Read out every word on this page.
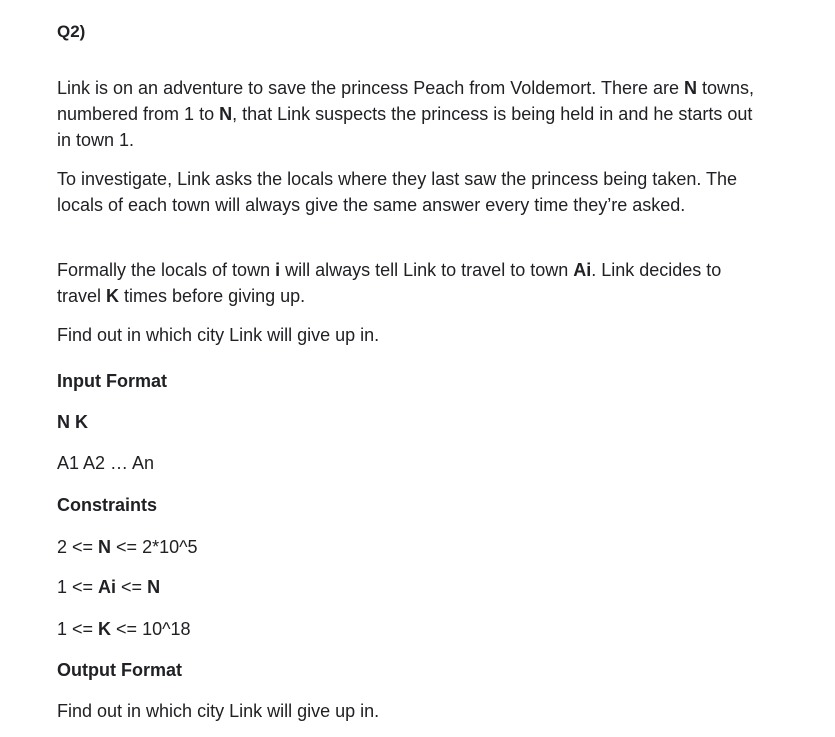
Q2)

Link is on an adventure to save the princess Peach from Voldemort. There are N towns, numbered from 1 to N, that Link suspects the princess is being held in and he starts out in town 1.

To investigate, Link asks the locals where they last saw the princess being taken. The locals of each town will always give the same answer every time they’re asked.

Formally the locals of town i will always tell Link to travel to town Ai. Link decides to travel K times before giving up.

Find out in which city Link will give up in.

Input Format

N K

A1 A2 … An

Constraints

2 <= N <= 2*10^5

1 <= Ai <= N

1 <= K <= 10^18

Output Format

Find out in which city Link will give up in.
